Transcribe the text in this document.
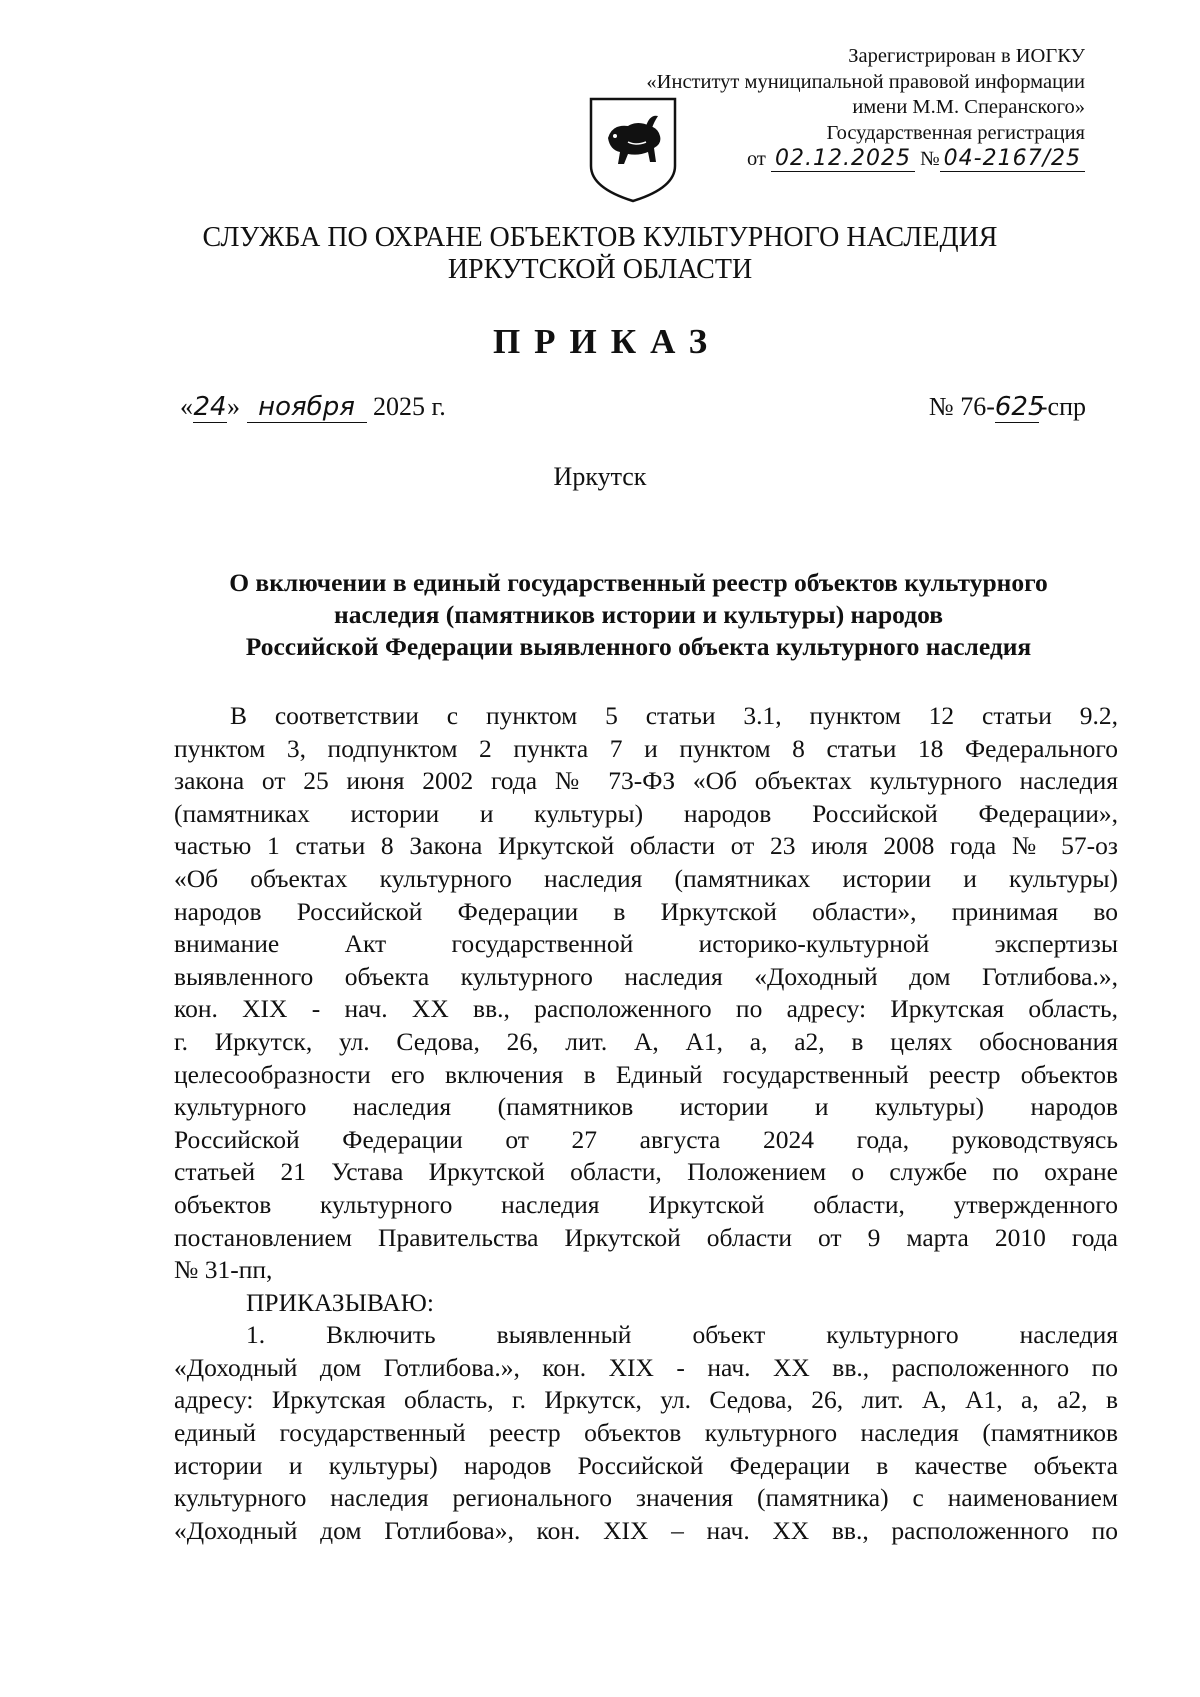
Зарегистрирован в ИОГКУ
«Институт муниципальной правовой информации
имени М.М. Сперанского»
Государственная регистрация
от 02.12.2025 № 04-2167/25
СЛУЖБА ПО ОХРАНЕ ОБЪЕКТОВ КУЛЬТУРНОГО НАСЛЕДИЯ
ИРКУТСКОЙ ОБЛАСТИ
ПРИКАЗ
«24» ноября 2025 г.	№ 76-625-спр
Иркутск
О включении в единый государственный реестр объектов культурного
наследия (памятников истории и культуры) народов
Российской Федерации выявленного объекта культурного наследия
В соответствии с пунктом 5 статьи 3.1, пунктом 12 статьи 9.2,
пунктом 3, подпунктом 2 пункта 7 и пунктом 8 статьи 18 Федерального
закона от 25 июня 2002 года № 73-ФЗ «Об объектах культурного наследия
(памятниках истории и культуры) народов Российской Федерации»,
частью 1 статьи 8 Закона Иркутской области от 23 июля 2008 года № 57-оз
«Об объектах культурного наследия (памятниках истории и культуры)
народов Российской Федерации в Иркутской области», принимая во
внимание Акт государственной историко-культурной экспертизы
выявленного объекта культурного наследия «Доходный дом Готлибова.»,
кон. XIX - нач. XX вв., расположенного по адресу: Иркутская область,
г. Иркутск, ул. Седова, 26, лит. А, А1, а, а2, в целях обоснования
целесообразности его включения в Единый государственный реестр объектов
культурного наследия (памятников истории и культуры) народов
Российской Федерации от 27 августа 2024 года, руководствуясь
статьей 21 Устава Иркутской области, Положением о службе по охране
объектов культурного наследия Иркутской области, утвержденного
постановлением Правительства Иркутской области от 9 марта 2010 года
№ 31-пп,
ПРИКАЗЫВАЮ:
1. Включить выявленный объект культурного наследия
«Доходный дом Готлибова.», кон. XIX - нач. XX вв., расположенного по
адресу: Иркутская область, г. Иркутск, ул. Седова, 26, лит. А, А1, а, а2, в
единый государственный реестр объектов культурного наследия (памятников
истории и культуры) народов Российской Федерации в качестве объекта
культурного наследия регионального значения (памятника) с наименованием
«Доходный дом Готлибова», кон. XIX – нач. XX вв., расположенного по
